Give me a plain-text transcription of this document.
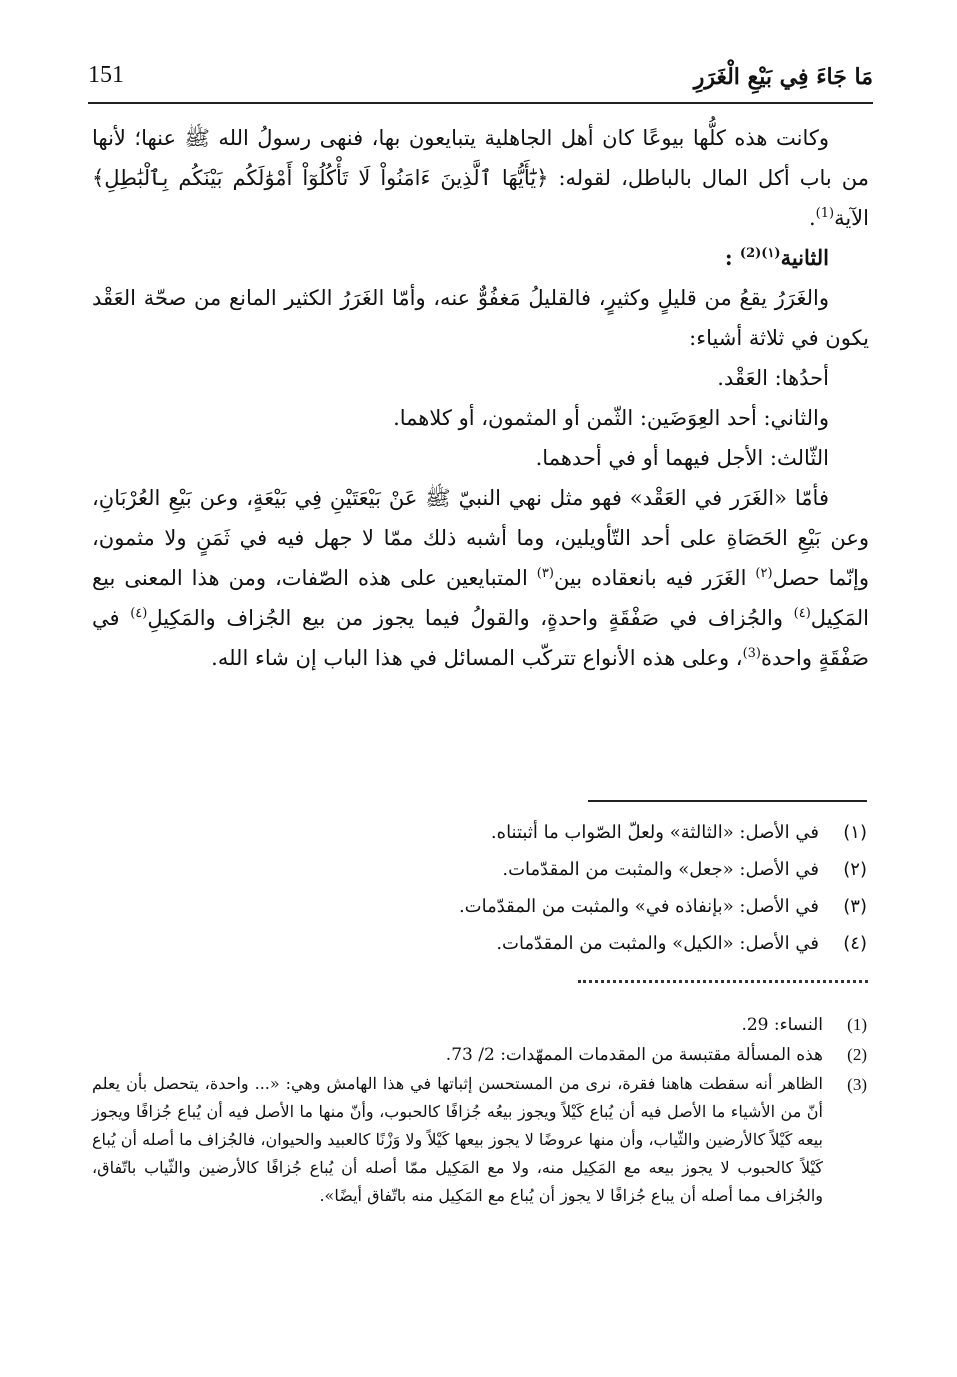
151	مَا جَاءَ فِي بَيْعِ الْغَرَرِ

وكانت هذه كلُّها بيوعًا كان أهل الجاهلية يتبايعون بها، فنهى رسولُ الله ﷺ عنها؛ لأنها من باب أكل المال بالباطل، لقوله: ﴿يَٰٓأَيُّهَا ٱلَّذِينَ ءَامَنُواْ لَا تَأْكُلُوٓاْ أَمْوَٰلَكُم بَيْنَكُم بِٱلْبَٰطِلِ﴾ الآية$^{(1)}$.

الثانية$^{(١)(2)}$ :

والغَرَرُ يقعُ من قليلٍ وكثيرٍ، فالقليلُ مَغفُوٌّ عنه، وأمّا الغَرَرُ الكثير المانع من صحّة العَقْد يكون في ثلاثة أشياء:

أحدُها: العَقْد.

والثاني: أحد العِوَضَين: الثّمن أو المثمون، أو كلاهما.

الثّالث: الأجل فيهما أو في أحدهما.

فأمّا «الغَرَر في العَقْد» فهو مثل نهي النبيّ ﷺ عَنْ بَيْعَتَيْنِ فِي بَيْعَةٍ، وعن بَيْعِ العُرْبَانِ، وعن بَيْعِ الحَصَاةِ على أحد التّأويلين، وما أشبه ذلك ممّا لا جهل فيه في ثَمَنٍ ولا مثمون، وإنّما حصل$^{(٢)}$ الغَرَر فيه بانعقاده بين$^{(٣)}$ المتبايعين على هذه الصّفات، ومن هذا المعنى بيع المَكِيل$^{(٤)}$ والجُزاف في صَفْقَةٍ واحدةٍ، والقولُ فيما يجوز من بيع الجُزاف والمَكِيلِ$^{(٤)}$ في صَفْقَةٍ واحدة$^{(3)}$، وعلى هذه الأنواع تتركّب المسائل في هذا الباب إن شاء الله.

(١)
في الأصل: «الثالثة» ولعلّ الصّواب ما أثبتناه.
(٢)
في الأصل: «جعل» والمثبت من المقدّمات.
(٣)
في الأصل: «بإنفاذه في» والمثبت من المقدّمات.
(٤)
في الأصل: «الكيل» والمثبت من المقدّمات.
(1)
النساء: 29.
(2)
هذه المسألة مقتبسة من المقدمات الممهّدات: 2/ 73.
(3)
الظاهر أنه سقطت هاهنا فقرة، نرى من المستحسن إثباتها في هذا الهامش وهي: «... واحدة، يتحصل بأن يعلم أنّ من الأشياء ما الأصل فيه أن يُباع كَيْلاً ويجوز بيعُه جُزافًا كالحبوب، وأنّ منها ما الأصل فيه أن يُباع جُزافًا ويجوز بيعه كَيْلاً كالأرضين والثّياب، وأن منها عروضًا لا يجوز بيعها كَيْلاً ولا وَزْنًا كالعبيد والحيوان، فالجُزاف ما أصله أن يُباع كَيْلاً كالحبوب لا يجوز بيعه مع المَكِيل منه، ولا مع المَكِيل ممّا أصله أن يُباع جُزافًا كالأرضين والثّياب باتّفاق، والجُزاف مما أصله أن يباع جُزافًا لا يجوز أن يُباع مع المَكِيل منه باتّفاق أيضًا».
